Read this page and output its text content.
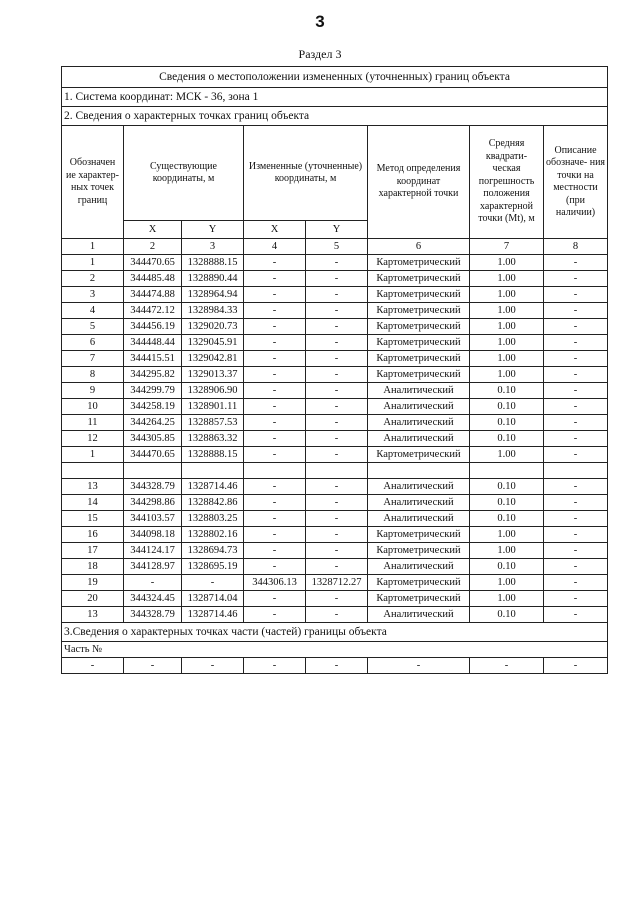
3
Раздел 3
Сведения о местоположении измененных (уточненных) границ объекта							
1. Система координат: МСК - 36, зона 1							
2. Сведения о характерных точках границ объекта							
Обозначен ие характер- ных точек границ	Существующие координаты, м		Измененные (уточненные) координаты, м		Метод определения координат характерной точки	Средняя квадрати- ческая погрешность положения характерной точки (Mt), м	Описание обозначе- ния точки на местности (при наличии)
	X	Y	X	Y			
1	2	3	4	5	6	7	8
1	344470.65	1328888.15	-	-	Картометрический	1.00	-
2	344485.48	1328890.44	-	-	Картометрический	1.00	-
3	344474.88	1328964.94	-	-	Картометрический	1.00	-
4	344472.12	1328984.33	-	-	Картометрический	1.00	-
5	344456.19	1329020.73	-	-	Картометрический	1.00	-
6	344448.44	1329045.91	-	-	Картометрический	1.00	-
7	344415.51	1329042.81	-	-	Картометрический	1.00	-
8	344295.82	1329013.37	-	-	Картометрический	1.00	-
9	344299.79	1328906.90	-	-	Аналитический	0.10	-
10	344258.19	1328901.11	-	-	Аналитический	0.10	-
11	344264.25	1328857.53	-	-	Аналитический	0.10	-
12	344305.85	1328863.32	-	-	Аналитический	0.10	-
1	344470.65	1328888.15	-	-	Картометрический	1.00	-

13	344328.79	1328714.46	-	-	Аналитический	0.10	-
14	344298.86	1328842.86	-	-	Аналитический	0.10	-
15	344103.57	1328803.25	-	-	Аналитический	0.10	-
16	344098.18	1328802.16	-	-	Картометрический	1.00	-
17	344124.17	1328694.73	-	-	Картометрический	1.00	-
18	344128.97	1328695.19	-	-	Аналитический	0.10	-
19	-	-	344306.13	1328712.27	Картометрический	1.00	-
20	344324.45	1328714.04	-	-	Картометрический	1.00	-
13	344328.79	1328714.46	-	-	Аналитический	0.10	-
3.Сведения о характерных точках части (частей) границы объекта							
Часть №							
-	-	-	-	-	-	-	-
